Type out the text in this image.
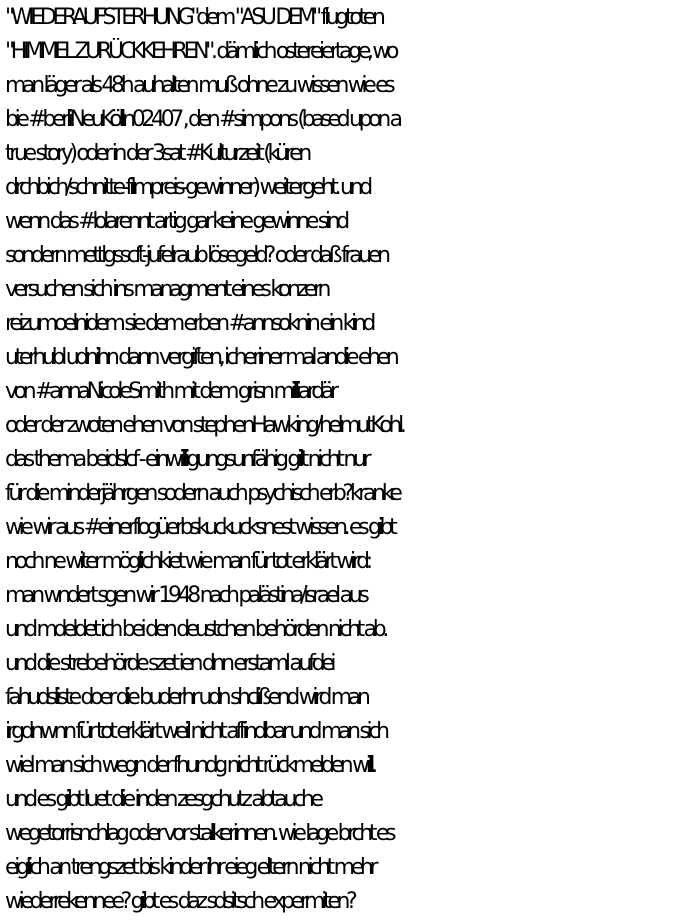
"WIEDERAUFSTERHUNG"dem "ASU DEM" flugtoten
"HIMMEL ZURÜCKKEHREN". dämlich ostereiertage, wo
man läger als 48h auhalten muß ohne zu wissen wie es
bie #berliNeuKölln02407 , den #simpons (based upon a
true story) oder in der 3sat #Kulturzeit (küren
drchbich/schnitte-filmpreis-gewinner) weitergeht. und
wenn das #lolarennt artig gar keine gewinne sind
sondern mettlgsscft-jufelraub lösegeld? oder daß frauen
versuchen sich ins managment eines konzern
reizumoelnidem sie dem erben #annsoknin ein kind
uterhubl udnihn dann vergiften, icheriner mal andie ehen
von #annaNicoleSmith mit dem grisn milliardär
oder der zwoten ehen von stephenHawking/helmutKohl.
das thema beidslcf - einwilligungsunfähig gilt nicht nur
für die minderjährgen sodern auch psychisch erb?kranke
wie wir aus #einerflogüerbskuckucksnest wissen. es gibt
noch ne witer möglichkiet wie man für tot erklärt wird:
man wndert sgen wir 1948 nach palästina/israel aus
und mdeldet ich bei den deustchen behörden nicht ab.
und die strebehörde szet ien dnn erstaml aufdei
fahudsliste doer die buderhr udn shclißend wird man
irgdnwnn für tot erklärt weil nicht affindbar und man sich
wiel man sich wegn der fhundg nicht rückmelden will.
und es gibt luet die inden zesgchutz abtauche
wegetorrisnchlag oder vor stalkerinnen. wie lage brcht es
eiglich an trengszet bis kinder ihr eieg eltern nicht mehr
wiederrekennee? gibt es daz sdsitsch expermiten?
